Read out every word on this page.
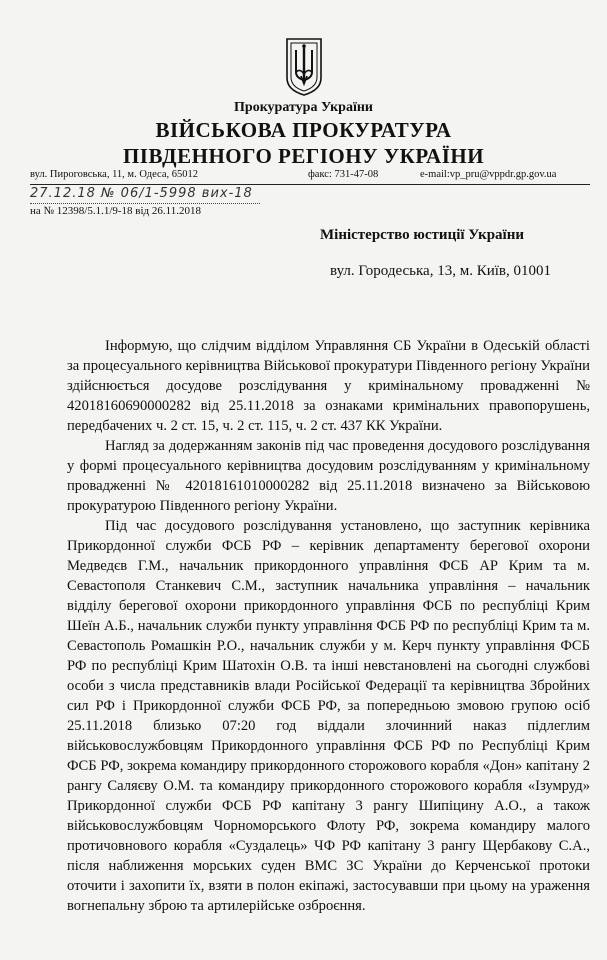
Прокуратура України
ВІЙСЬКОВА ПРОКУРАТУРА
ПІВДЕННОГО РЕГІОНУ УКРАЇНИ
вул. Пироговська, 11, м. Одеса, 65012	факс: 731-47-08	e-mail:vp_pru@vppdr.gp.gov.ua
27.12.18 № 06/1-5998 вих-18
на № 12398/5.1.1/9-18 від 26.11.2018
Міністерство юстиції України
вул. Городеська, 13, м. Київ, 01001

Інформую, що слідчим відділом Управляння СБ України в Одеській області за процесуального керівництва Військової прокуратури Південного регіону України здійснюється досудове розслідування у кримінальному провадженні № 42018160690000282 від 25.11.2018 за ознаками кримінальних правопорушень, передбачених ч. 2 ст. 15, ч. 2 ст. 115, ч. 2 ст. 437 КК України.

Нагляд за додержанням законів під час проведення досудового розслідування у формі процесуального керівництва досудовим розслідуванням у кримінальному провадженні № 42018161010000282 від 25.11.2018 визначено за Військовою прокуратурою Південного регіону України.

Під час досудового розслідування установлено, що заступник керівника Прикордонної служби ФСБ РФ – керівник департаменту берегової охорони Медведєв Г.М., начальник прикордонного управління ФСБ АР Крим та м. Севастополя Станкевич С.М., заступник начальника управління – начальник відділу берегової охорони прикордонного управління ФСБ по республіці Крим Шеїн А.Б., начальник служби пункту управління ФСБ РФ по республіці Крим та м. Севастополь Ромашкін Р.О., начальник служби у м. Керч пункту управління ФСБ РФ по республіці Крим Шатохін О.В. та інші невстановлені на сьогодні службові особи з числа представників влади Російської Федерації та керівництва Збройних сил РФ і Прикордонної служби ФСБ РФ, за попередньою змовою групою осіб 25.11.2018 близько 07:20 год віддали злочинний наказ підлеглим військовослужбовцям Прикордонного управління ФСБ РФ по Республіці Крим ФСБ РФ, зокрема командиру прикордонного сторожового корабля «Дон» капітану 2 рангу Саляєву О.М. та командиру прикордонного сторожового корабля «Ізумруд» Прикордонної служби ФСБ РФ капітану 3 рангу Шипіцину А.О., а також військовослужбовцям Чорноморського Флоту РФ, зокрема командиру малого протичовнового корабля «Суздалець» ЧФ РФ капітану 3 рангу Щербакову С.А., після наближення морських суден ВМС ЗС України до Керченської протоки оточити і захопити їх, взяти в полон екіпажі, застосувавши при цьому на ураження вогнепальну зброю та артилерійське озброєння.
